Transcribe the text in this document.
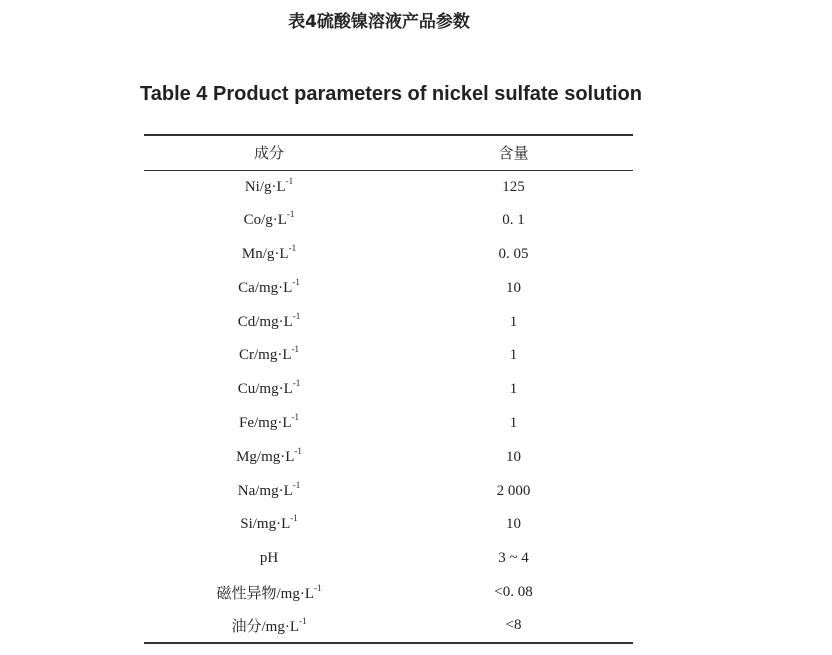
表4硫酸镍溶液产品参数
Table 4 Product parameters of nickel sulfate solution
成分	含量
$Ni/g\cdot L^{-1}$	125
$Co/g\cdot L^{-1}$	0. 1
$Mn/g\cdot L^{-1}$	0. 05
$Ca/mg\cdot L^{-1}$	10
$Cd/mg\cdot L^{-1}$	1
$Cr/mg\cdot L^{-1}$	1
$Cu/mg\cdot L^{-1}$	1
$Fe/mg\cdot L^{-1}$	1
$Mg/mg\cdot L^{-1}$	10
$Na/mg\cdot L^{-1}$	2 000
$Si/mg\cdot L^{-1}$	10
pH	3 ~ 4
磁性异物$/mg\cdot L^{-1}$	<0. 08
油分$/mg\cdot L^{-1}$	<8
